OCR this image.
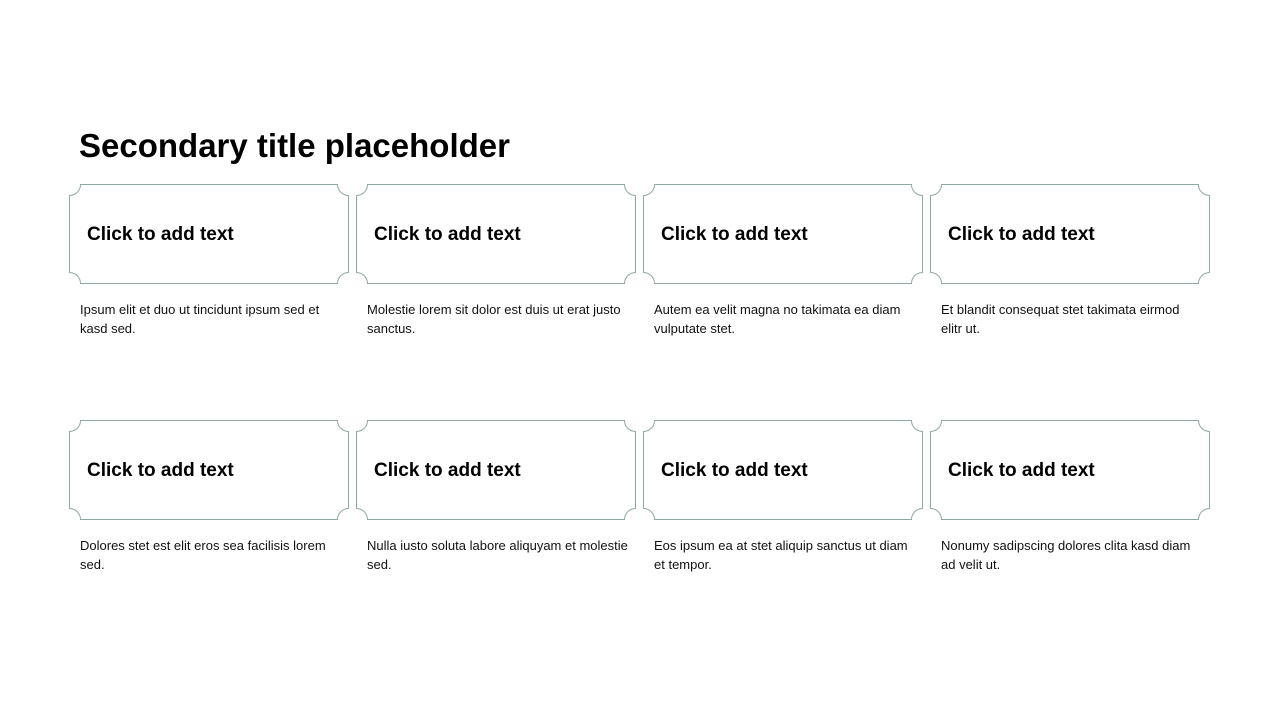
Secondary title placeholder
Click to add text
Ipsum elit et duo ut tincidunt ipsum sed et kasd sed.
Click to add text
Molestie lorem sit dolor est duis ut erat justo sanctus.
Click to add text
Autem ea velit magna no takimata ea diam vulputate stet.
Click to add text
Et blandit consequat stet takimata eirmod elitr ut.
Click to add text
Dolores stet est elit eros sea facilisis lorem sed.
Click to add text
Nulla iusto soluta labore aliquyam et molestie sed.
Click to add text
Eos ipsum ea at stet aliquip sanctus ut diam et tempor.
Click to add text
Nonumy sadipscing dolores clita kasd diam ad velit ut.
